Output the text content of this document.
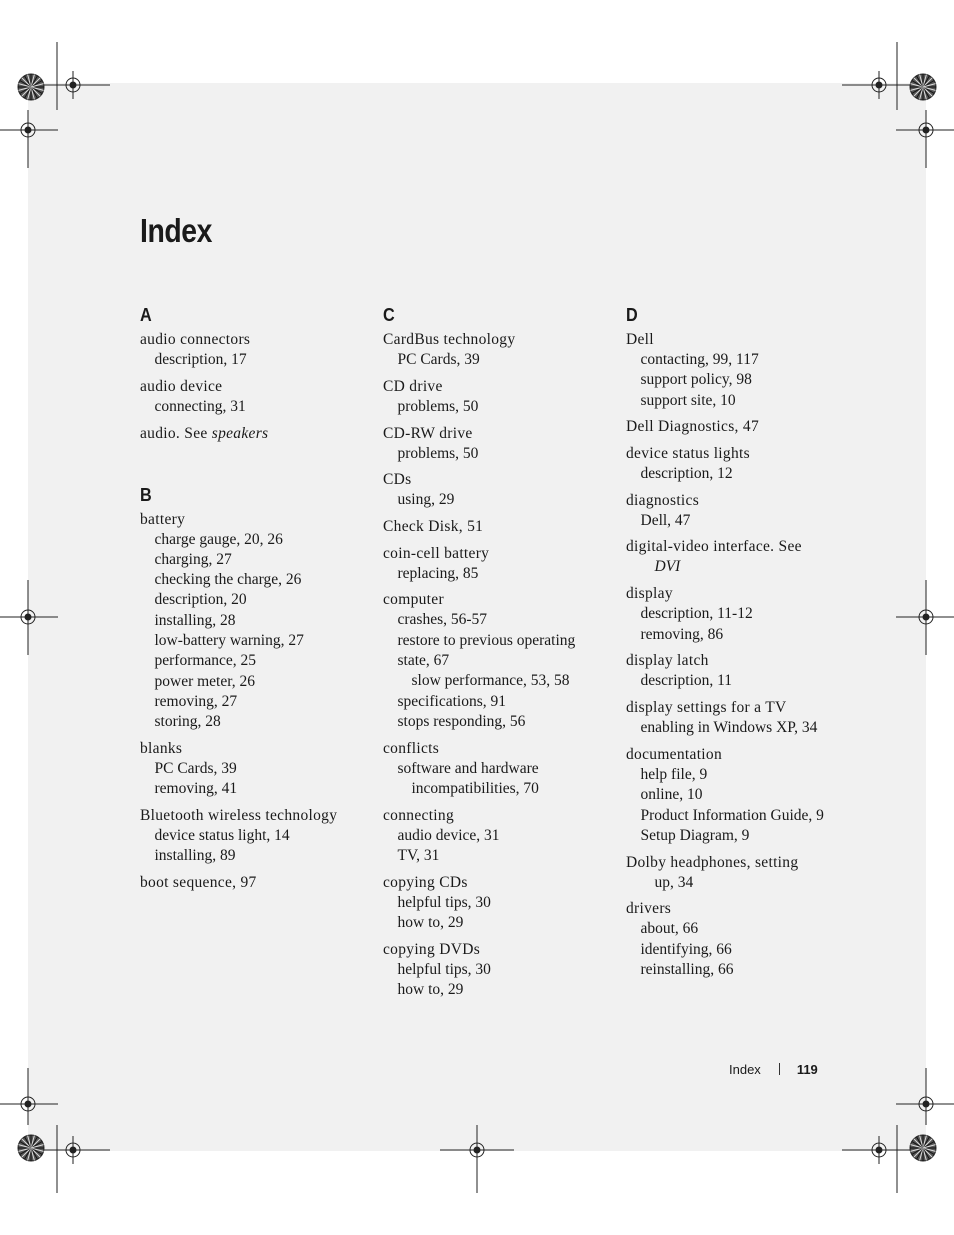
Index
A
audio connectors
description, 17
audio device
connecting, 31
audio. See speakers
B
battery
charge gauge, 20, 26
charging, 27
checking the charge, 26
description, 20
installing, 28
low-battery warning, 27
performance, 25
power meter, 26
removing, 27
storing, 28
blanks
PC Cards, 39
removing, 41
Bluetooth wireless technology
device status light, 14
installing, 89
boot sequence, 97
C
CardBus technology
PC Cards, 39
CD drive
problems, 50
CD-RW drive
problems, 50
CDs
using, 29
Check Disk, 51
coin-cell battery
replacing, 85
computer
crashes, 56-57
restore to previous operating
state, 67
slow performance, 53, 58
specifications, 91
stops responding, 56
conflicts
software and hardware
incompatibilities, 70
connecting
audio device, 31
TV, 31
copying CDs
helpful tips, 30
how to, 29
copying DVDs
helpful tips, 30
how to, 29
D
Dell
contacting, 99, 117
support policy, 98
support site, 10
Dell Diagnostics, 47
device status lights
description, 12
diagnostics
Dell, 47
digital-video interface. See
DVI
display
description, 11-12
removing, 86
display latch
description, 11
display settings for a TV
enabling in Windows XP, 34
documentation
help file, 9
online, 10
Product Information Guide, 9
Setup Diagram, 9
Dolby headphones, setting
up, 34
drivers
about, 66
identifying, 66
reinstalling, 66
Index	119
